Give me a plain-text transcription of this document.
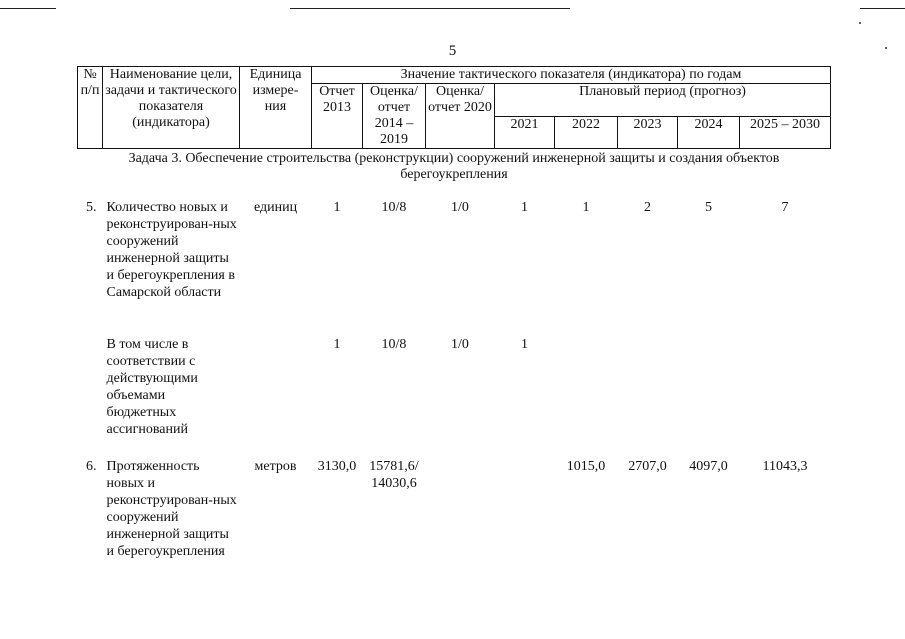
5
№ п/п	Наименование цели, задачи и тактического показателя (индикатора)	Единица измере-ния	Значение тактического показателя (индикатора) по годам							
			Отчет 2013	Оценка/ отчет 2014 – 2019	Оценка/ отчет 2020	Плановый период (прогноз)				
						2021	2022	2023	2024	2025 – 2030
Задача 3. Обеспечение строительства (реконструкции) сооружений инженерной защиты и создания объектов берегоукрепления										
5.	Количество новых и реконструирован-ных сооружений инженерной защиты и берегоукрепления в Самарской области	единиц	1	10/8	1/0	1	1	2	5	7
	В том числе в соответствии с действующими объемами бюджетных ассигнований		1	10/8	1/0	1				
6.	Протяженность новых и реконструирован-ных сооружений инженерной защиты и берегоукрепления	метров	3130,0	15781,6/ 14030,6			1015,0	2707,0	4097,0	11043,3
